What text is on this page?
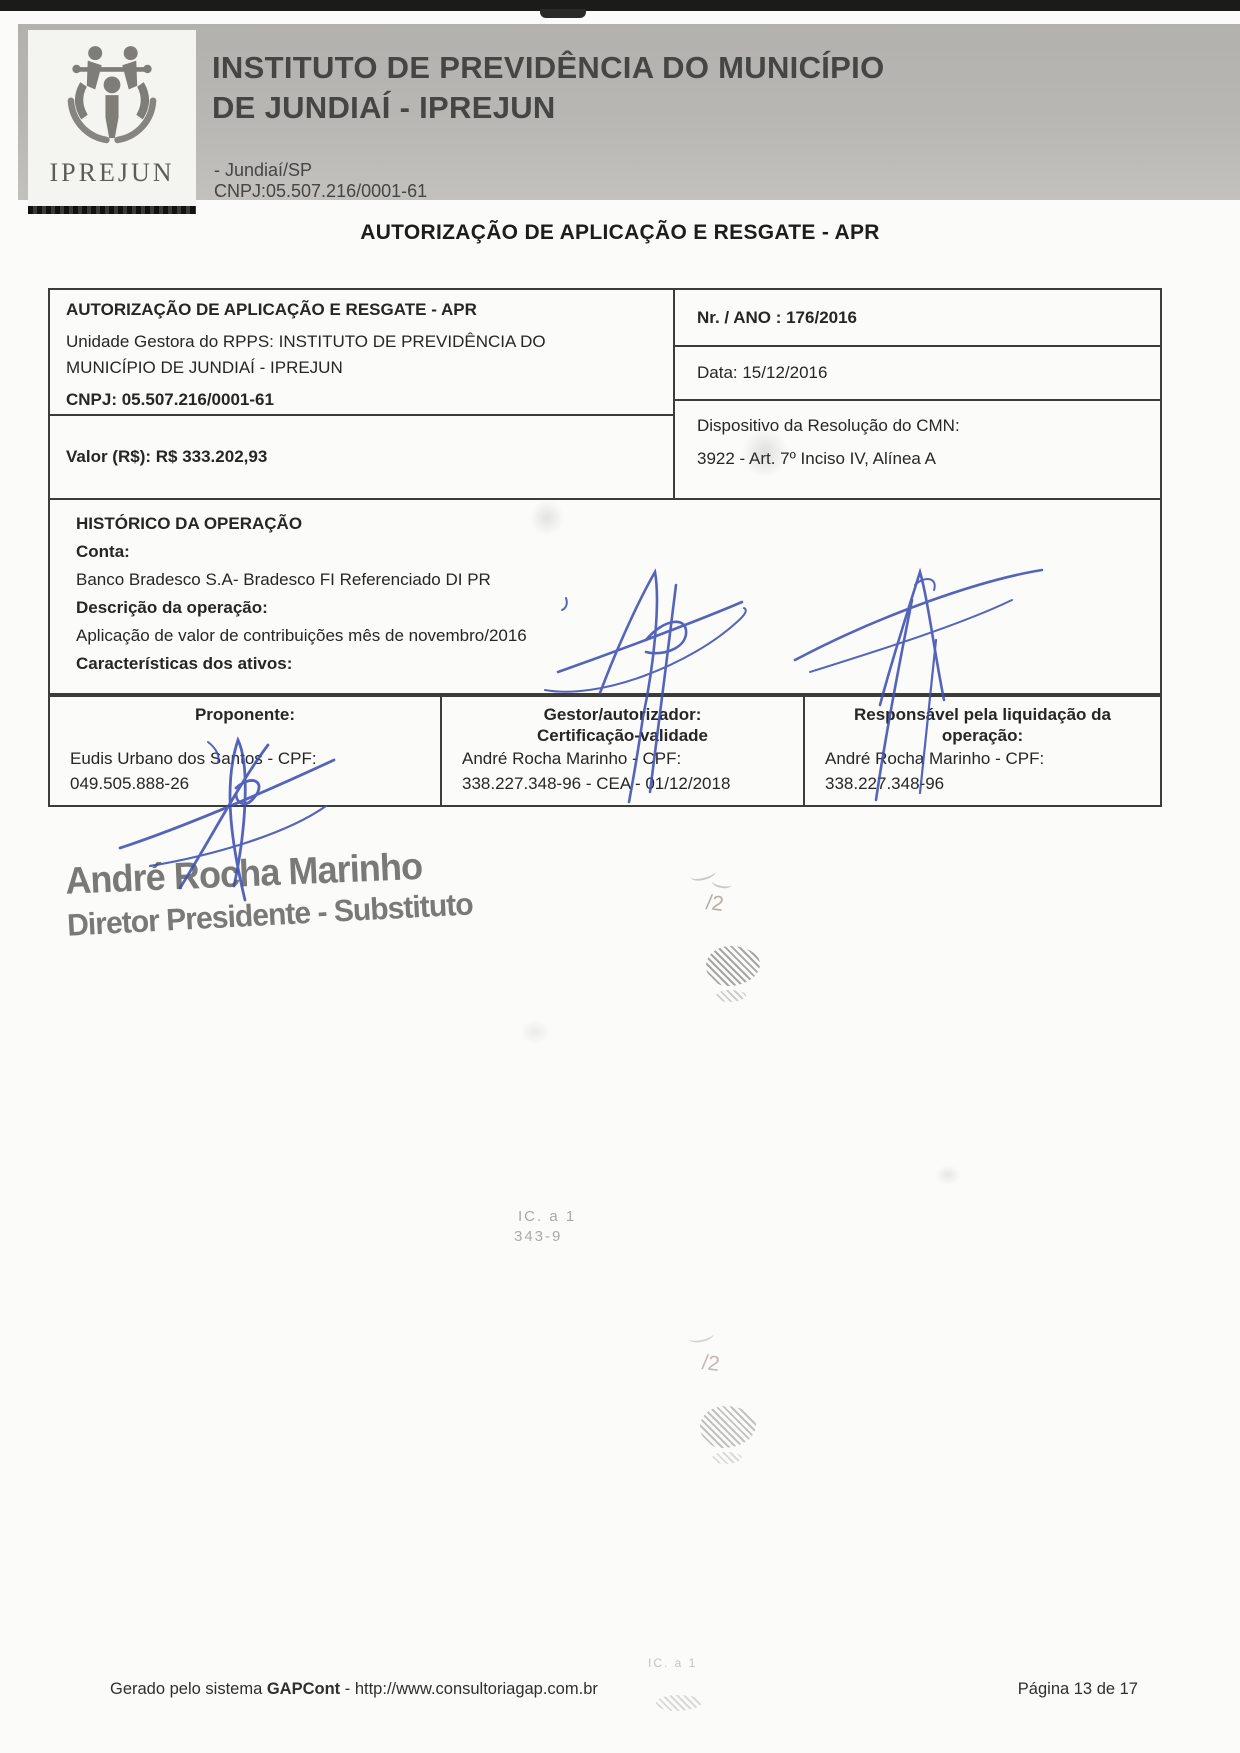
IPREJUN
INSTITUTO DE PREVIDÊNCIA DO MUNICÍPIO
DE JUNDIAÍ - IPREJUN
- Jundiaí/SP
CNPJ:05.507.216/0001-61
AUTORIZAÇÃO DE APLICAÇÃO E RESGATE - APR
AUTORIZAÇÃO DE APLICAÇÃO E RESGATE - APR
Unidade Gestora do RPPS: INSTITUTO DE PREVIDÊNCIA DO MUNICÍPIO DE JUNDIAÍ - IPREJUN
CNPJ: 05.507.216/0001-61
Valor (R$): R$ 333.202,93
Nr. / ANO : 176/2016
Data: 15/12/2016
Dispositivo da Resolução do CMN:
3922 - Art. 7º Inciso IV, Alínea A
HISTÓRICO DA OPERAÇÃO
Conta:
Banco Bradesco S.A- Bradesco FI Referenciado DI PR
Descrição da operação:
Aplicação de valor de contribuições mês de novembro/2016
Características dos ativos:
Proponente:
Eudis Urbano dos Santos - CPF:
049.505.888-26
Gestor/autorizador:
Certificação-validade
André Rocha Marinho - CPF:
338.227.348-96 - CEA - 01/12/2018
Responsável pela liquidação da
operação:
André Rocha Marinho - CPF:
338.227.348-96
André Rocha Marinho
Diretor Presidente - Substituto	/2
IC. a 1
343-9
/2
Gerado pelo sistema GAPCont - http://www.consultoriagap.com.br
IC. a 1
Página 13 de 17
